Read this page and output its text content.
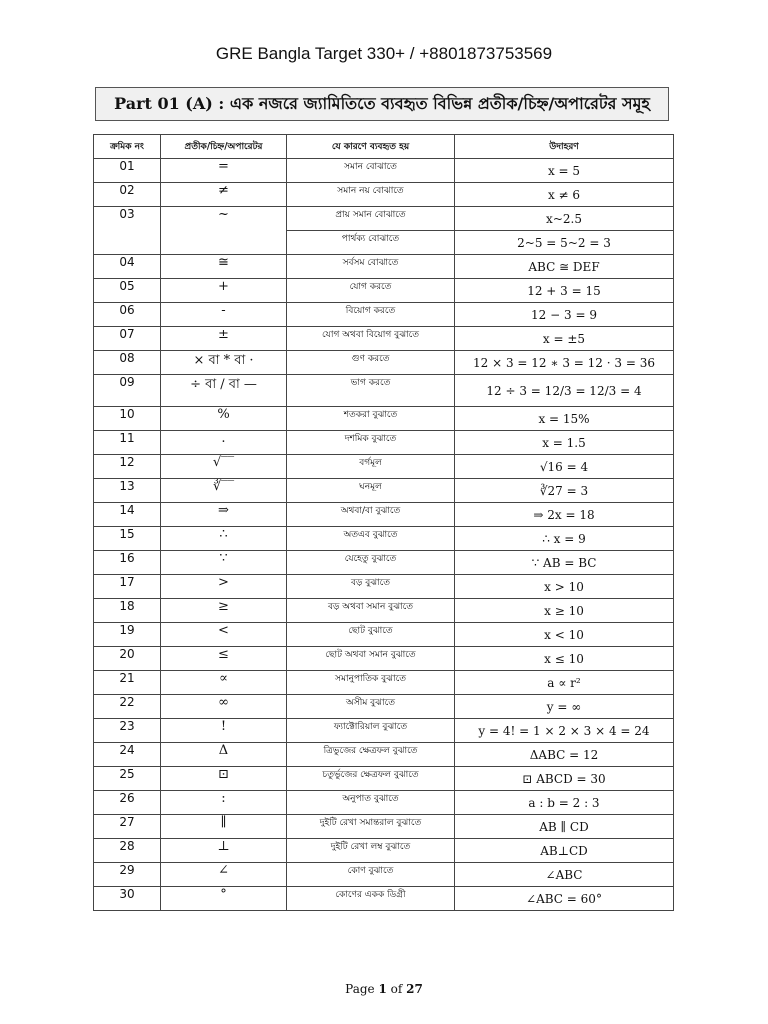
GRE Bangla Target 330+ / +8801873753569
Part 01 (A) : এক নজরে জ্যামিতিতে ব্যবহৃত বিভিন্ন প্রতীক/চিহ্ন/অপারেটর সমূহ
ক্রমিক নং	প্রতীক/চিহ্ন/অপারেটর	যে কারণে ব্যবহৃত হয়	উদাহরণ
01	=	সমান বোঝাতে	x = 5
02	≠	সমান নয় বোঝাতে	x ≠ 6
03	~	প্রায় সমান বোঝাতে	x~2.5
		পার্থক্য বোঝাতে	2~5 = 5~2 = 3
04	≅	সর্বসম বোঝাতে	ABC ≅ DEF
05	+	যোগ করতে	12 + 3 = 15
06	-	বিয়োগ করতে	12 − 3 = 9
07	±	যোগ অথবা বিয়োগ বুঝাতে	x = ±5
08	× বা * বা ·	গুণ করতে	12 × 3 = 12 ∗ 3 = 12 · 3 = 36
09	÷ বা / বা —	ভাগ করতে	12 ÷ 3 = 12/3 = 12/3 = 4
10	%	শতকরা বুঝাতে	x = 15%
11	.	দশমিক বুঝাতে	x = 1.5
12	√‾‾	বর্গমূল	√16 = 4
13	∛‾‾	ঘনমূল	∛27 = 3
14	⇒	অথবা/বা বুঝাতে	⇒ 2x = 18
15	∴	অতএব বুঝাতে	∴ x = 9
16	∵	যেহেতু বুঝাতে	∵ AB = BC
17	>	বড় বুঝাতে	x > 10
18	≥	বড় অথবা সমান বুঝাতে	x ≥ 10
19	<	ছোট বুঝাতে	x < 10
20	≤	ছোট অথবা সমান বুঝাতে	x ≤ 10
21	∝	সমানুপাতিক বুঝাতে	a ∝ r²
22	∞	অসীম বুঝাতে	y = ∞
23	!	ফ্যাক্টোরিয়াল বুঝাতে	y = 4! = 1 × 2 × 3 × 4 = 24
24	Δ	ত্রিভুজের ক্ষেত্রফল বুঝাতে	ΔABC = 12
25	⊡	চতুর্ভুজের ক্ষেত্রফল বুঝাতে	⊡ ABCD = 30
26	:	অনুপাত বুঝাতে	a : b = 2 : 3
27	∥	দুইটি রেখা সমান্তরাল বুঝাতে	AB ∥ CD
28	⊥	দুইটি রেখা লম্ব বুঝাতে	AB⊥CD
29	∠	কোণ বুঝাতে	∠ABC
30	°	কোণের একক ডিগ্রী	∠ABC = 60°
Page 1 of 27
